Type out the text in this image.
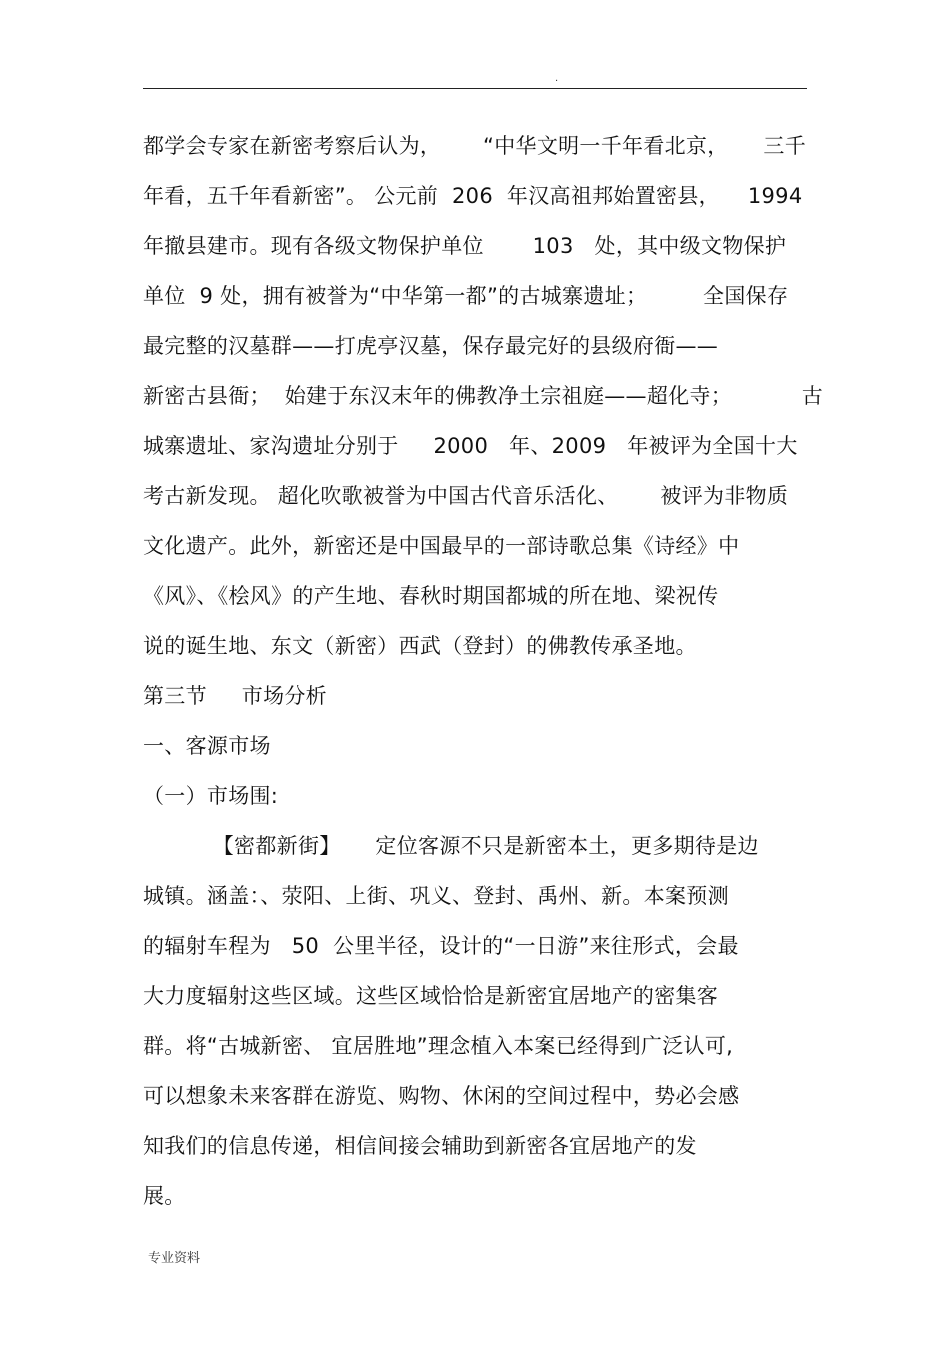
.
都学会专家在新密考察后认为，      “中华文明一千年看北京，     三千
年看，五千年看新密”。 公元前  206  年汉高祖邦始置密县，    1994
年撤县建市。现有各级文物保护单位       103   处，其中级文物保护
单位  9 处，拥有被誉为“中华第一都”的古城寨遗址；        全国保存
最完整的汉墓群——打虎亭汉墓，保存最完好的县级府衙——
新密古县衙；  始建于东汉末年的佛教净土宗祖庭——超化寺；          古
城寨遗址、家沟遗址分别于     2000   年、2009   年被评为全国十大
考古新发现。 超化吹歌被誉为中国古代音乐活化、      被评为非物质
文化遗产。此外，新密还是中国最早的一部诗歌总集《诗经》中
《风》、《桧风》的产生地、春秋时期国都城的所在地、梁祝传
说的诞生地、东文（新密）西武（登封）的佛教传承圣地。
第三节     市场分析
一、客源市场
（一）市场围:
【密都新街】     定位客源不只是新密本土，更多期待是边
城镇。涵盖：、荥阳、上街、巩义、登封、禹州、新。本案预测
的辐射车程为   50  公里半径，设计的“一日游”来往形式，会最
大力度辐射这些区域。这些区域恰恰是新密宜居地产的密集客
群。将“古城新密、 宜居胜地”理念植入本案已经得到广泛认可,
可以想象未来客群在游览、购物、休闲的空间过程中，势必会感
知我们的信息传递，相信间接会辅助到新密各宜居地产的发
展。
专业资料
